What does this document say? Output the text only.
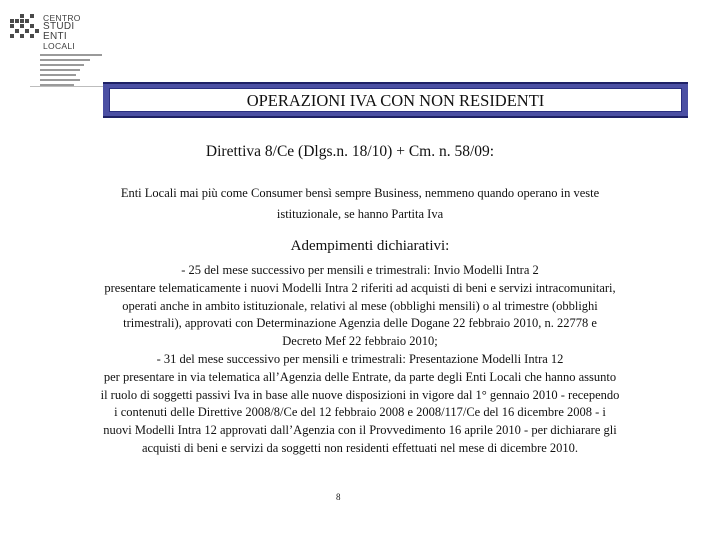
CENTRO
STUDI
ENTI
LOCALI
OPERAZIONI IVA CON NON RESIDENTI
Direttiva 8/Ce (Dlgs.n. 18/10) + Cm. n. 58/09:
Enti Locali mai più come Consumer bensì sempre Business, nemmeno quando operano in veste
istituzionale, se hanno Partita Iva
Adempimenti dichiarativi:
- 25 del mese successivo per mensili e trimestrali: Invio Modelli Intra 2
presentare telematicamente i nuovi Modelli Intra 2 riferiti ad acquisti di beni e servizi intracomunitari,
operati anche in ambito istituzionale, relativi al mese (obblighi mensili) o al trimestre (obblighi
trimestrali), approvati con Determinazione Agenzia delle Dogane 22 febbraio 2010, n. 22778 e
Decreto Mef 22 febbraio 2010;
- 31 del mese successivo per mensili e trimestrali: Presentazione Modelli Intra 12
per presentare in via telematica all’Agenzia delle Entrate, da parte degli Enti Locali che hanno assunto
il ruolo di soggetti passivi Iva in base alle nuove disposizioni in vigore dal 1° gennaio 2010 - recependo
i contenuti delle Direttive 2008/8/Ce del 12 febbraio 2008 e 2008/117/Ce del 16 dicembre 2008 - i
nuovi Modelli Intra 12 approvati dall’Agenzia con il Provvedimento 16 aprile 2010 - per dichiarare gli
acquisti di beni e servizi da soggetti non residenti effettuati nel mese di dicembre 2010.
8
